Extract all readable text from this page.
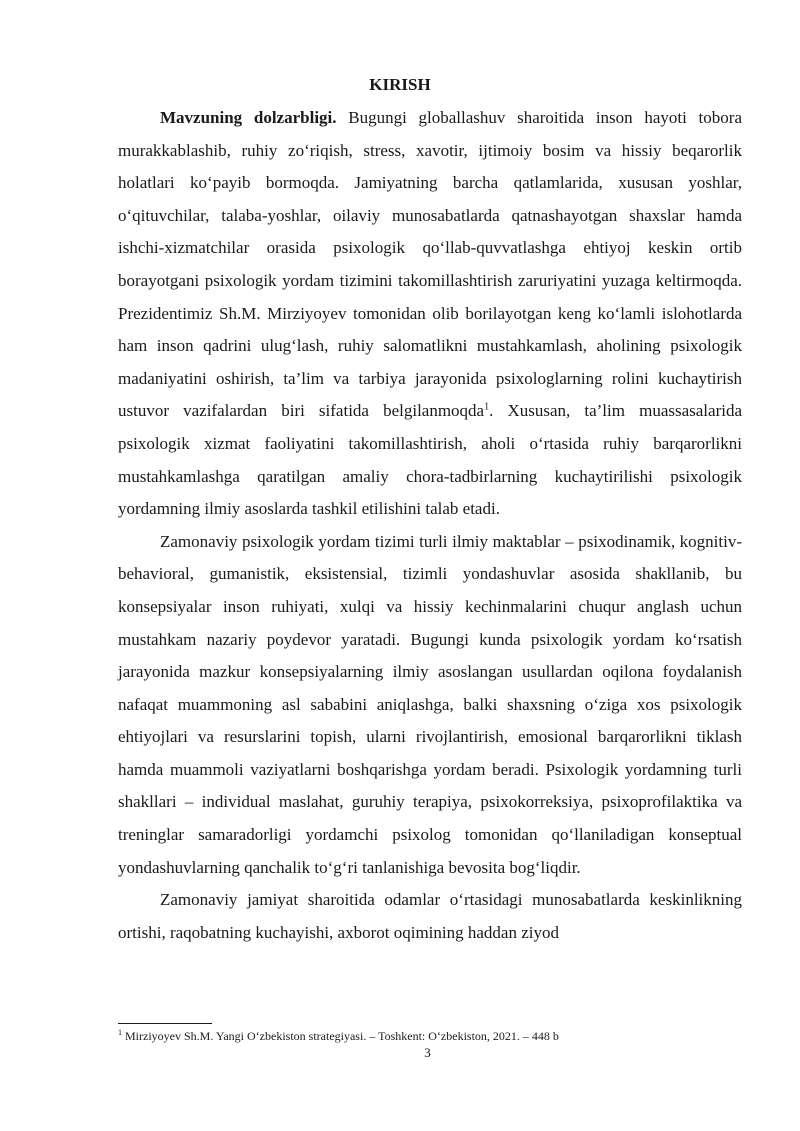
KIRISH

Mavzuning dolzarbligi. Bugungi globallashuv sharoitida inson hayoti tobora murakkablashib, ruhiy zo‘riqish, stress, xavotir, ijtimoiy bosim va hissiy beqarorlik holatlari ko‘payib bormoqda. Jamiyatning barcha qatlamlarida, xususan yoshlar, o‘qituvchilar, talaba-yoshlar, oilaviy munosabatlarda qatnashayotgan shaxslar hamda ishchi-xizmatchilar orasida psixologik qo‘llab-quvvatlashga ehtiyoj keskin ortib borayotgani psixologik yordam tizimini takomillashtirish zaruriyatini yuzaga keltirmoqda. Prezidentimiz Sh.M. Mirziyoyev tomonidan olib borilayotgan keng ko‘lamli islohotlarda ham inson qadrini ulug‘lash, ruhiy salomatlikni mustahkamlash, aholining psixologik madaniyatini oshirish, ta’lim va tarbiya jarayonida psixologlarning rolini kuchaytirish ustuvor vazifalardan biri sifatida belgilanmoqda$^1$. Xususan, ta’lim muassasalarida psixologik xizmat faoliyatini takomillashtirish, aholi o‘rtasida ruhiy barqarorlikni mustahkamlashga qaratilgan amaliy chora-tadbirlarning kuchaytirilishi psixologik yordamning ilmiy asoslarda tashkil etilishini talab etadi.

Zamonaviy psixologik yordam tizimi turli ilmiy maktablar – psixodinamik, kognitiv-behavioral, gumanistik, eksistensial, tizimli yondashuvlar asosida shakllanib, bu konsepsiyalar inson ruhiyati, xulqi va hissiy kechinmalarini chuqur anglash uchun mustahkam nazariy poydevor yaratadi. Bugungi kunda psixologik yordam ko‘rsatish jarayonida mazkur konsepsiyalarning ilmiy asoslangan usullardan oqilona foydalanish nafaqat muammoning asl sababini aniqlashga, balki shaxsning o‘ziga xos psixologik ehtiyojlari va resurslarini topish, ularni rivojlantirish, emosional barqarorlikni tiklash hamda muammoli vaziyatlarni boshqarishga yordam beradi. Psixologik yordamning turli shakllari – individual maslahat, guruhiy terapiya, psixokorreksiya, psixoprofilaktika va treninglar samaradorligi yordamchi psixolog tomonidan qo‘llaniladigan konseptual yondashuvlarning qanchalik to‘g‘ri tanlanishiga bevosita bog‘liqdir.

Zamonaviy jamiyat sharoitida odamlar o‘rtasidagi munosabatlarda keskinlikning ortishi, raqobatning kuchayishi, axborot oqimining haddan ziyod

$^1$ Mirziyoyev Sh.M. Yangi O‘zbekiston strategiyasi. – Toshkent: O‘zbekiston, 2021. – 448 b
3
